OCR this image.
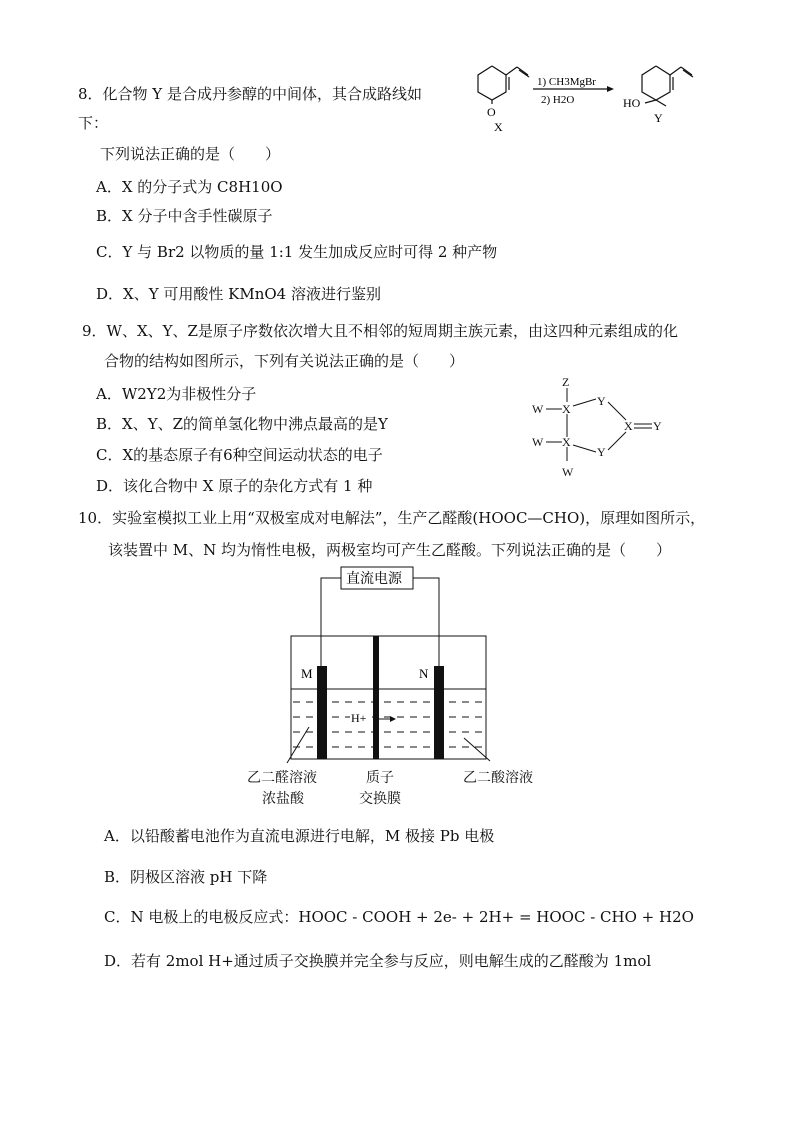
8．化合物 Y 是合成丹参醇的中间体，其合成路线如
下：
O
X
1) CH3MgBr
2) H2O	HO
Y
下列说法正确的是（　　）
A．X 的分子式为 C8H10O
B．X 分子中含手性碳原子
C．Y 与 Br2 以物质的量 1:1 发生加成反应时可得 2 种产物
D．X、Y 可用酸性 KMnO4 溶液进行鉴别
9．W、X、Y、Z是原子序数依次增大且不相邻的短周期主族元素，由这四种元素组成的化
合物的结构如图所示，下列有关说法正确的是（　　）
A．W2Y2为非极性分子
B．X、Y、Z的简单氢化物中沸点最高的是Y
C．X的基态原子有6种空间运动状态的电子
D．该化合物中 X 原子的杂化方式有 1 种
Z
W X
Y
X Y
W X
Y
W
10．实验室模拟工业上用“双极室成对电解法”，生产乙醛酸(HOOC—CHO)，原理如图所示，
该装置中 M、N 均为惰性电极，两极室均可产生乙醛酸。下列说法正确的是（　　）
直流电源
M	N
H+
乙二醛溶液
浓盐酸
质子
交换膜
乙二酸溶液
A．以铅酸蓄电池作为直流电源进行电解，M 极接 Pb 电极
B．阴极区溶液 pH 下降
C．N 电极上的电极反应式：HOOC - COOH + 2e- + 2H+ = HOOC - CHO + H2O
D．若有 2mol H+通过质子交换膜并完全参与反应，则电解生成的乙醛酸为 1mol
